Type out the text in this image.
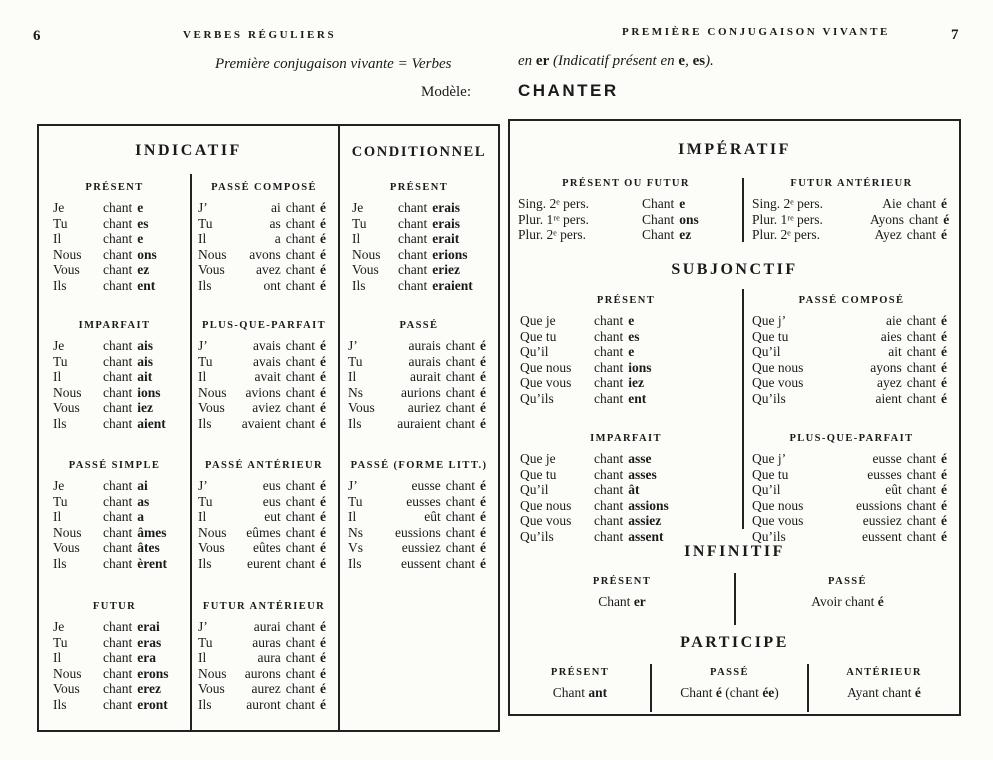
6	VERBES RÉGULIERS
Première conjugaison vivante = Verbes
Modèle:
PREMIÈRE CONJUGAISON VIVANTE	7
en er (Indicatif présent en e, es).
CHANTER
INDICATIF
PRÉSENT
Je	chant e
Tu	chant es
Il	chant e
Nous	chant ons
Vous	chant ez
Ils	chant ent
IMPARFAIT
Je	chant ais
Tu	chant ais
Il	chant ait
Nous	chant ions
Vous	chant iez
Ils	chant aient
PASSÉ SIMPLE
Je	chant ai
Tu	chant as
Il	chant a
Nous	chant âmes
Vous	chant âtes
Ils	chant èrent
FUTUR
Je	chant erai
Tu	chant eras
Il	chant era
Nous	chant erons
Vous	chant erez
Ils	chant eront
PASSÉ COMPOSÉ
J’	ai chant é
Tu	as chant é
Il	a chant é
Nous	avons chant é
Vous	avez chant é
Ils	ont chant é
PLUS-QUE-PARFAIT
J’	avais chant é
Tu	avais chant é
Il	avait chant é
Nous	avions chant é
Vous	aviez chant é
Ils	avaient chant é
PASSÉ ANTÉRIEUR
J’	eus chant é
Tu	eus chant é
Il	eut chant é
Nous	eûmes chant é
Vous	eûtes chant é
Ils	eurent chant é
FUTUR ANTÉRIEUR
J’	aurai chant é
Tu	auras chant é
Il	aura chant é
Nous	aurons chant é
Vous	aurez chant é
Ils	auront chant é
CONDITIONNEL
PRÉSENT
Je	chant erais
Tu	chant erais
Il	chant erait
Nous	chant erions
Vous	chant eriez
Ils	chant eraient
PASSÉ
J’	aurais chant é
Tu	aurais chant é
Il	aurait chant é
Ns	aurions chant é
Vous	auriez chant é
Ils	auraient chant é
PASSÉ (FORME LITT.)
J’	eusse chant é
Tu	eusses chant é
Il	eût chant é
Ns	eussions chant é
Vs	eussiez chant é
Ils	eussent chant é
IMPÉRATIF
PRÉSENT OU FUTUR
Sing. 2ᵉ pers.	Chant e
Plur. 1ʳᵉ pers.	Chant ons
Plur. 2ᵉ pers.	Chant ez
FUTUR ANTÉRIEUR
Sing. 2ᵉ pers.	Aie chant é
Plur. 1ʳᵉ pers.	Ayons chant é
Plur. 2ᵉ pers.	Ayez chant é
SUBJONCTIF
PRÉSENT
Que je	chant e
Que tu	chant es
Qu’il	chant e
Que nous	chant ions
Que vous	chant iez
Qu’ils	chant ent
IMPARFAIT
Que je	chant asse
Que tu	chant asses
Qu’il	chant ât
Que nous	chant assions
Que vous	chant assiez
Qu’ils	chant assent
PASSÉ COMPOSÉ
Que j’	aie chant é
Que tu	aies chant é
Qu’il	ait chant é
Que nous	ayons chant é
Que vous	ayez chant é
Qu’ils	aient chant é
PLUS-QUE-PARFAIT
Que j’	eusse chant é
Que tu	eusses chant é
Qu’il	eût chant é
Que nous	eussions chant é
Que vous	eussiez chant é
Qu’ils	eussent chant é
INFINITIF
PRÉSENT
Chant er
PASSÉ
Avoir chant é
PARTICIPE
PRÉSENT
Chant ant
PASSÉ
Chant é (chant ée)
ANTÉRIEUR
Ayant chant é
